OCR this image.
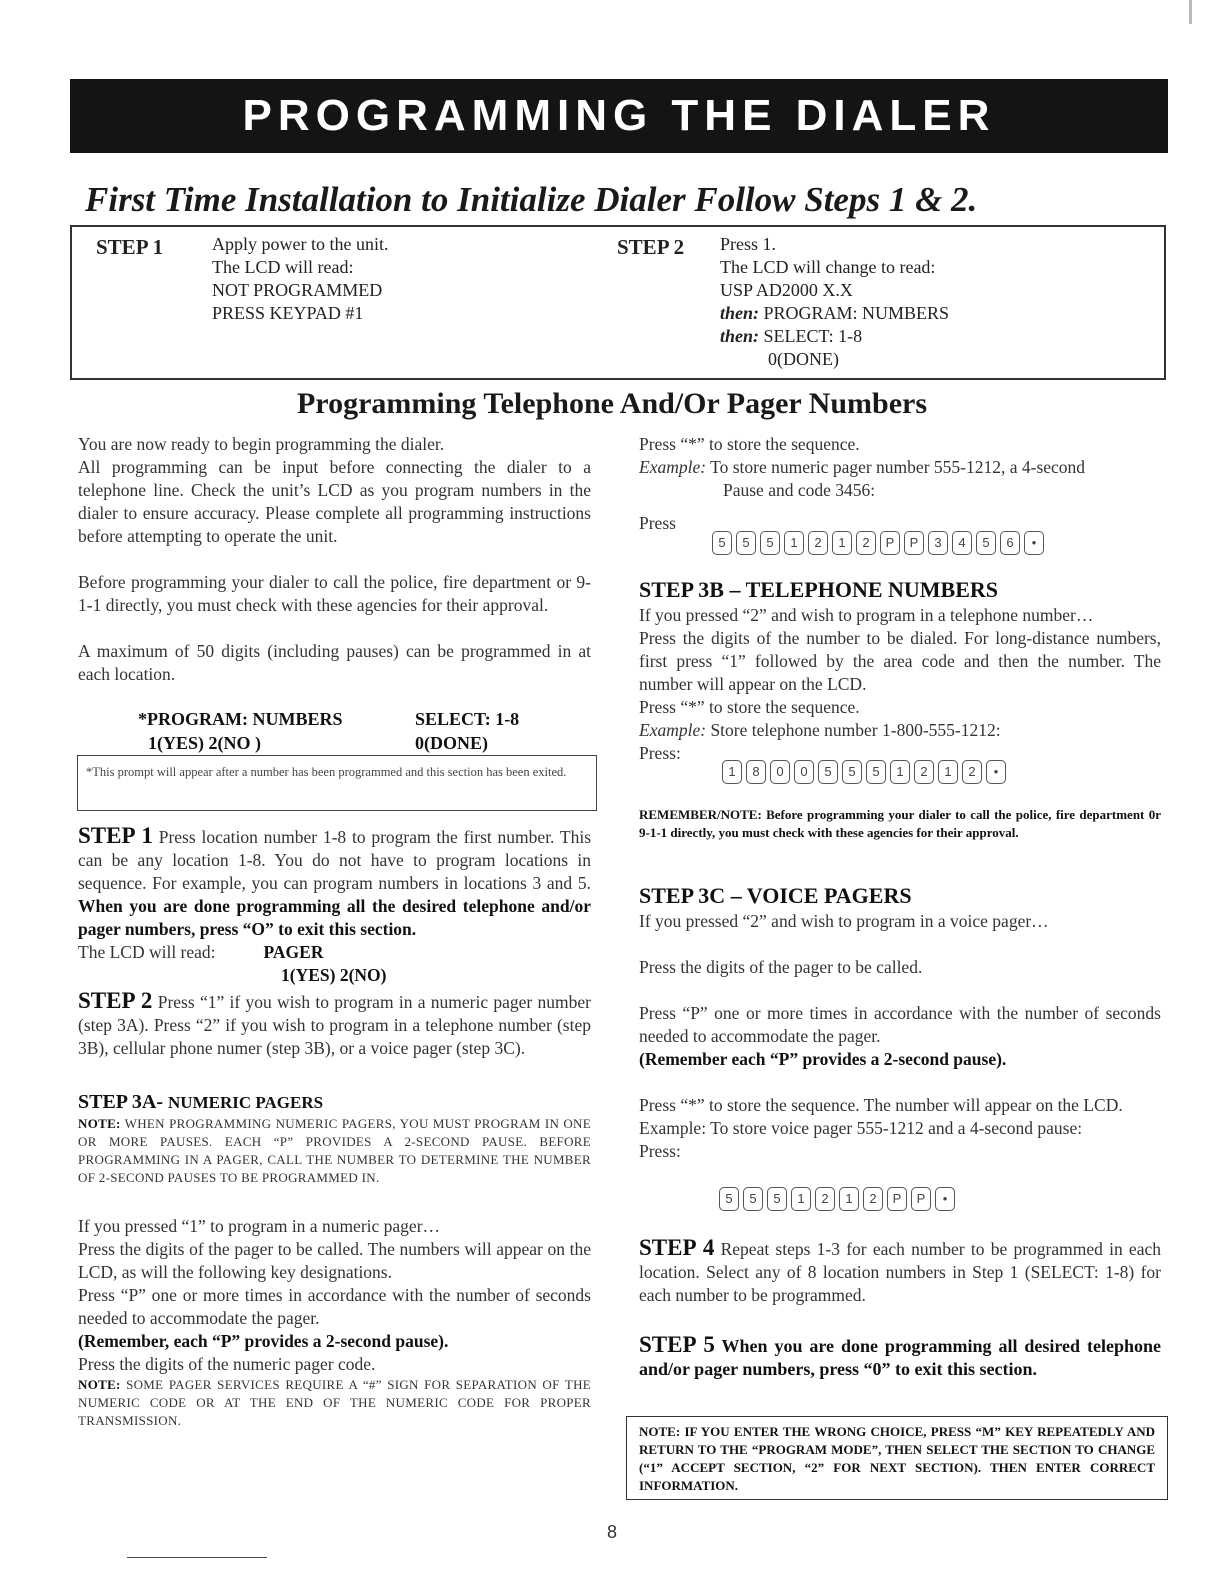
PROGRAMMING THE DIALER
First Time Installation to Initialize Dialer Follow Steps 1 & 2.
STEP 1	Apply power to the unit.
The LCD will read:
NOT PROGRAMMED
PRESS KEYPAD #1
STEP 2 Press 1.
The LCD will change to read:
USP AD2000 X.X
then: PROGRAM: NUMBERS
then: SELECT: 1-8
0(DONE)
Programming Telephone And/Or Pager Numbers

You are now ready to begin programming the dialer.

All programming can be input before connecting the dialer to a telephone line. Check the unit’s LCD as you program numbers in the dialer to ensure accuracy. Please complete all programming instructions before attempting to operate the unit.

Before programming your dialer to call the police, fire department or 9-1-1 directly, you must check with these agencies for their approval.

A maximum of 50 digits (including pauses) can be programmed in at each location.

*PROGRAM: NUMBERS	SELECT: 1-8
1(YES) 2(NO )	0(DONE)
*This prompt will appear after a number has been programmed and this section has been exited.

STEP 1 Press location number 1-8 to program the first number. This can be any location 1-8. You do not have to program locations in sequence. For example, you can program numbers in locations 3 and 5. When you are done programming all the desired telephone and/or pager numbers, press “O” to exit this section.

The LCD will read:	PAGER

1(YES) 2(NO)

STEP 2 Press “1” if you wish to program in a numeric pager number (step 3A). Press “2” if you wish to program in a telephone number (step 3B), cellular phone numer (step 3B), or a voice pager (step 3C).

STEP 3A- NUMERIC PAGERS

NOTE: WHEN PROGRAMMING NUMERIC PAGERS, YOU MUST PROGRAM IN ONE OR MORE PAUSES. EACH “P” PROVIDES A 2-SECOND PAUSE. BEFORE PROGRAMMING IN A PAGER, CALL THE NUMBER TO DETERMINE THE NUMBER OF 2-SECOND PAUSES TO BE PROGRAMMED IN.

If you pressed “1” to program in a numeric pager…

Press the digits of the pager to be called. The numbers will appear on the LCD, as will the following key designations.

Press “P” one or more times in accordance with the number of seconds needed to accommodate the pager.

(Remember, each “P” provides a 2-second pause).

Press the digits of the numeric pager code.

NOTE: SOME PAGER SERVICES REQUIRE A “#” SIGN FOR SEPARATION OF THE NUMERIC CODE OR AT THE END OF THE NUMERIC CODE FOR PROPER TRANSMISSION.

Press “*” to store the sequence.

Example: To store numeric pager number 555-1212, a 4-second

Pause and code 3456:

Press

5	5	5	1	2	1	2	P	P	3	4	5	6	•

STEP 3B – TELEPHONE NUMBERS

If you pressed “2” and wish to program in a telephone number…

Press the digits of the number to be dialed. For long-distance numbers, first press “1” followed by the area code and then the number. The number will appear on the LCD.

Press “*” to store the sequence.

Example: Store telephone number 1-800-555-1212:

Press:

1	8	0	0	5	5	5	1	2	1	2	•
REMEMBER/NOTE: Before programming your dialer to call the police, fire department 0r 9-1-1 directly, you must check with these agencies for their approval.

STEP 3C – VOICE PAGERS

If you pressed “2” and wish to program in a voice pager…

Press the digits of the pager to be called.

Press “P” one or more times in accordance with the number of seconds needed to accommodate the pager.

(Remember each “P” provides a 2-second pause).

Press “*” to store the sequence. The number will appear on the LCD.

Example: To store voice pager 555-1212 and a 4-second pause:

Press:

5	5	5	1	2	1	2	P	P	•

STEP 4 Repeat steps 1-3 for each number to be programmed in each location. Select any of 8 location numbers in Step 1 (SELECT: 1-8) for each number to be programmed.

STEP 5 When you are done programming all desired telephone and/or pager numbers, press “0” to exit this section.

NOTE: IF YOU ENTER THE WRONG CHOICE, PRESS “M” KEY REPEATEDLY AND RETURN TO THE “PROGRAM MODE”, THEN SELECT THE SECTION TO CHANGE (“1” ACCEPT SECTION, “2” FOR NEXT SECTION). THEN ENTER CORRECT INFORMATION.
8
